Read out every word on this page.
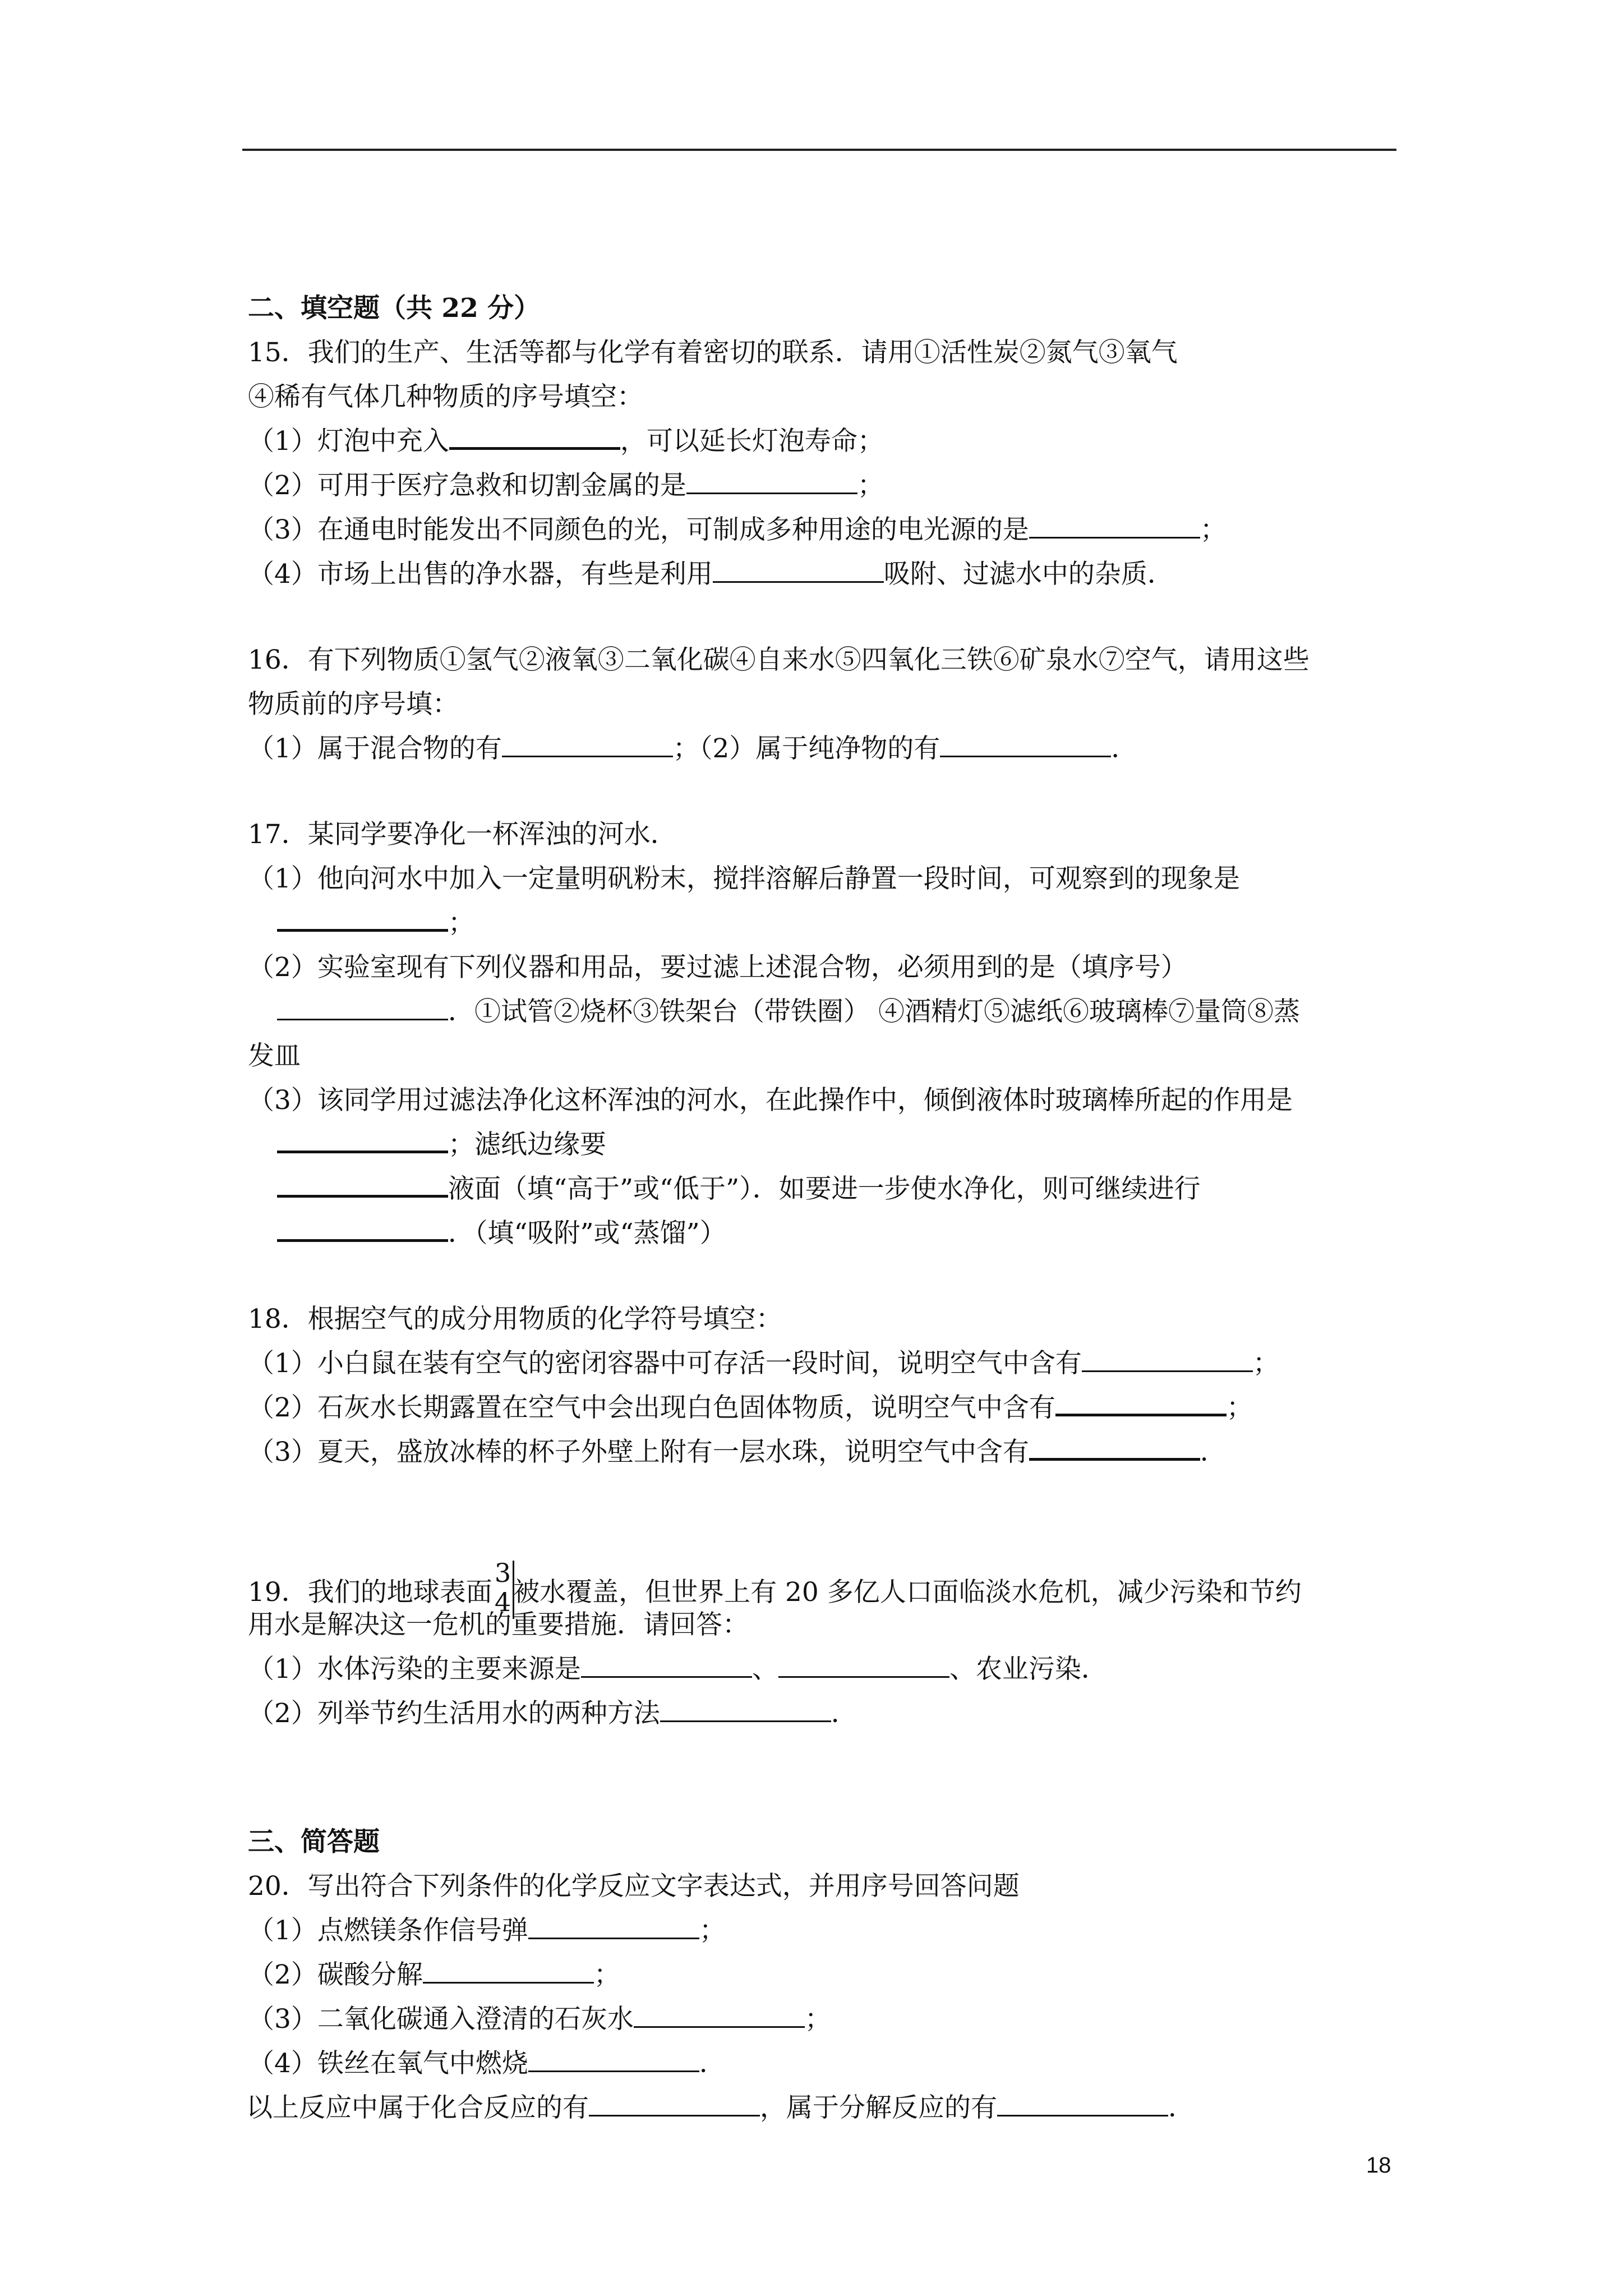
二、填空题（共 22 分）
15．我们的生产、生活等都与化学有着密切的联系．请用①活性炭②氮气③氧气
④稀有气体几种物质的序号填空：
（1）灯泡中充入	，可以延长灯泡寿命；
（2）可用于医疗急救和切割金属的是	；
（3）在通电时能发出不同颜色的光，可制成多种用途的电光源的是	；
（4）市场上出售的净水器，有些是利用	吸附、过滤水中的杂质．
16．有下列物质①氢气②液氧③二氧化碳④自来水⑤四氧化三铁⑥矿泉水⑦空气，请用这些
物质前的序号填：
（1）属于混合物的有	；（2）属于纯净物的有	．
17．某同学要净化一杯浑浊的河水．
（1）他向河水中加入一定量明矾粉末，搅拌溶解后静置一段时间，可观察到的现象是
；
（2）实验室现有下列仪器和用品，要过滤上述混合物，必须用到的是（填序号）
．①试管②烧杯③铁架台（带铁圈） ④酒精灯⑤滤纸⑥玻璃棒⑦量筒⑧蒸
发皿
（3）该同学用过滤法净化这杯浑浊的河水，在此操作中，倾倒液体时玻璃棒所起的作用是
；滤纸边缘要
液面（填“高于”或“低于”）．如要进一步使水净化，则可继续进行
．（填“吸附”或“蒸馏”）
18．根据空气的成分用物质的化学符号填空：
（1）小白鼠在装有空气的密闭容器中可存活一段时间，说明空气中含有	；
（2）石灰水长期露置在空气中会出现白色固体物质，说明空气中含有	；
（3）夏天，盛放冰棒的杯子外壁上附有一层水珠，说明空气中含有	．
19．我们的地球表面
3
4 被水覆盖，但世界上有 20 多亿人口面临淡水危机，减少污染和节约
用水是解决这一危机的重要措施．请回答：
（1）水体污染的主要来源是	、	、农业污染．
（2）列举节约生活用水的两种方法	．
三、简答题
20．写出符合下列条件的化学反应文字表达式，并用序号回答问题
（1）点燃镁条作信号弹	；
（2）碳酸分解	；
（3）二氧化碳通入澄清的石灰水	；
（4）铁丝在氧气中燃烧	．
以上反应中属于化合反应的有	，属于分解反应的有	．
18
